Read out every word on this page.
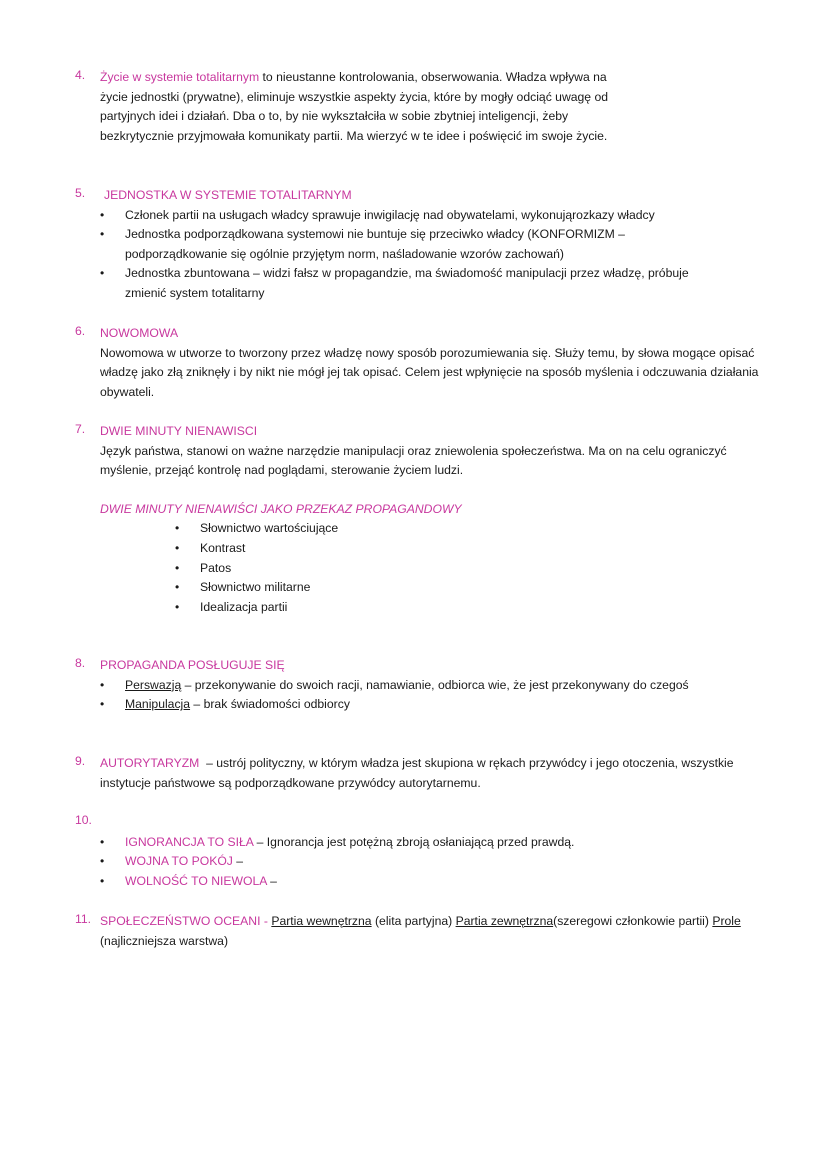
4.	Życie w systemie totalitarnym to nieustanne kontrolowania, obserwowania. Władza wpływa na życie jednostki (prywatne), eliminuje wszystkie aspekty życia, które by mogły odciąć uwagę od partyjnych idei i działań. Dba o to, by nie wykształciła w sobie zbytniej inteligencji, żeby bezkrytycznie przyjmowała komunikaty partii. Ma wierzyć w te idee i poświęcić im swoje życie.
5.	JEDNOSTKA W SYSTEMIE TOTALITARNYM
• Członek partii na usługach władcy sprawuje inwigilację nad obywatelami, wykonująrozkazy władcy
• Jednostka podporządkowana systemowi nie buntuje się przeciwko władcy (KONFORMIZM – podporządkowanie się ogólnie przyjętym norm, naśladowanie wzorów zachowań)
• Jednostka zbuntowana – widzi fałsz w propagandzie, ma świadomość manipulacji przez władzę, próbuje zmienić system totalitarny
6.	NOWOMOWA
Nowomowa w utworze to tworzony przez władzę nowy sposób porozumiewania się. Służy temu, by słowa mogące opisać władzę jako złą zniknęły i by nikt nie mógł jej tak opisać. Celem jest wpłynięcie na sposób myślenia i odczuwania działania obywateli.
7.	DWIE MINUTY NIENAWISCI
Język państwa, stanowi on ważne narzędzie manipulacji oraz zniewolenia społeczeństwa. Ma on na celu ograniczyć myślenie, przejąć kontrolę nad poglądami, sterowanie życiem ludzi.
DWIE MINUTY NIENAWIŚCI JAKO PRZEKAZ PROPAGANDOWY
• Słownictwo wartościujące
• Kontrast
• Patos
• Słownictwo militarne
• Idealizacja partii
8.	PROPAGANDA POSŁUGUJE SIĘ
• Perswazją – przekonywanie do swoich racji, namawianie, odbiorca wie, że jest przekonywany do czegoś
• Manipulacja – brak świadomości odbiorcy
9.	AUTORYTARYZM  – ustrój polityczny, w którym władza jest skupiona w rękach przywódcy i jego otoczenia, wszystkie instytucje państwowe są podporządkowane przywódcy autorytarnemu.
10.
• IGNORANCJA TO SIŁA – Ignorancja jest potężną zbroją osłaniającą przed prawdą.
• WOJNA TO POKÓJ –
• WOLNOŚĆ TO NIEWOLA –
11. SPOŁECZEŃSTWO OCEANI - Partia wewnętrzna (elita partyjna) Partia zewnętrzna(szeregowi członkowie partii) Prole (najliczniejsza warstwa)
